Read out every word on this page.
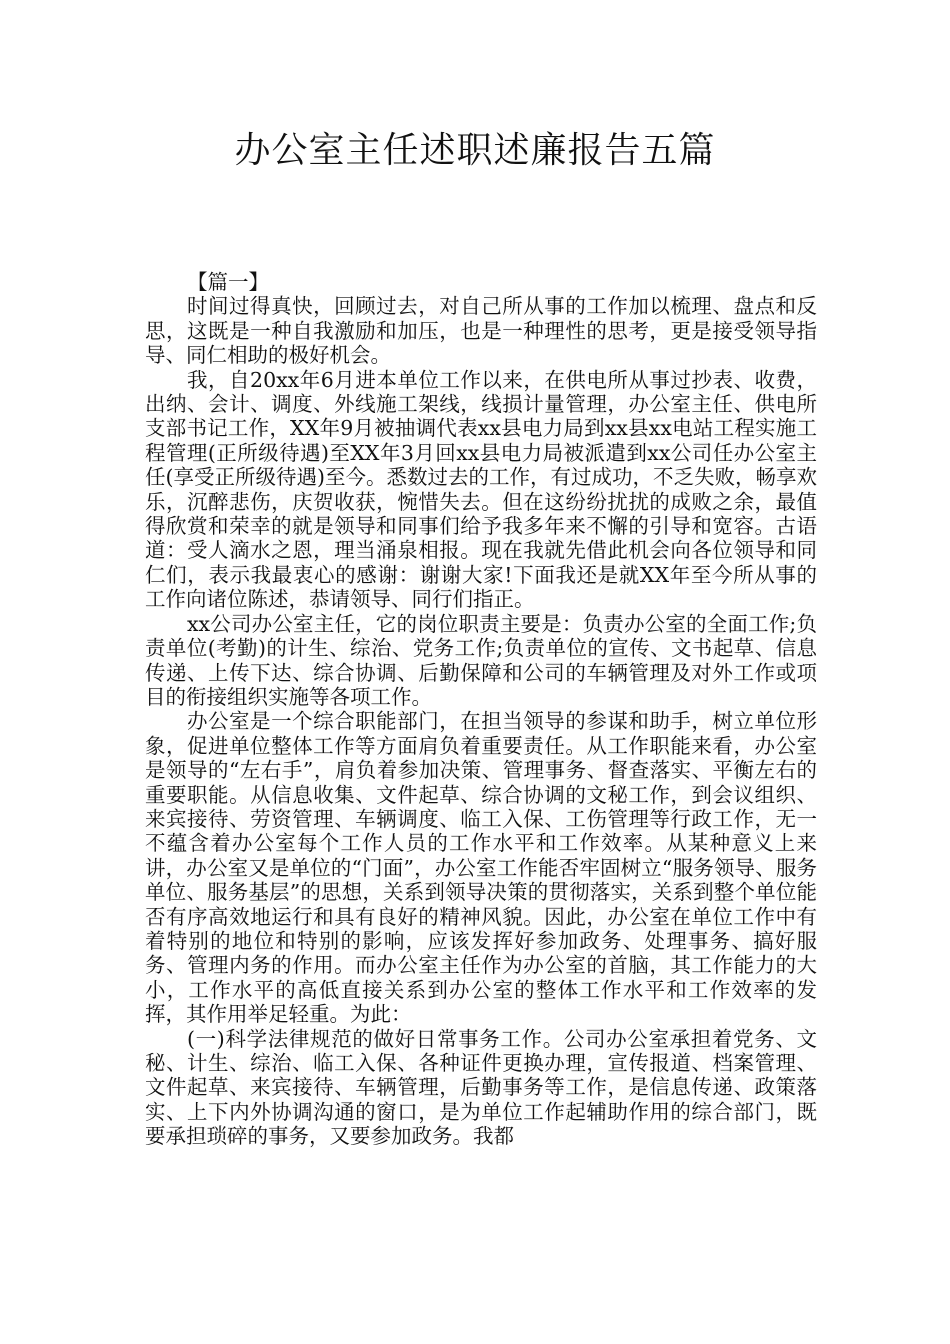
办公室主任述职述廉报告五篇

【篇一】

时间过得真快，回顾过去，对自己所从事的工作加以梳理、盘点和反思，这既是一种自我激励和加压，也是一种理性的思考，更是接受领导指导、同仁相助的极好机会。

我，自20xx年6月进本单位工作以来，在供电所从事过抄表、收费，出纳、会计、调度、外线施工架线，线损计量管理，办公室主任、供电所支部书记工作，XX年9月被抽调代表xx县电力局到xx县xx电站工程实施工程管理(正所级待遇)至XX年3月回xx县电力局被派遣到xx公司任办公室主任(享受正所级待遇)至今。悉数过去的工作，有过成功，不乏失败，畅享欢乐，沉醉悲伤，庆贺收获，惋惜失去。但在这纷纷扰扰的成败之余，最值得欣赏和荣幸的就是领导和同事们给予我多年来不懈的引导和宽容。古语道：受人滴水之恩，理当涌泉相报。现在我就先借此机会向各位领导和同仁们，表示我最衷心的感谢：谢谢大家!下面我还是就XX年至今所从事的工作向诸位陈述，恭请领导、同行们指正。

xx公司办公室主任，它的岗位职责主要是：负责办公室的全面工作;负责单位(考勤)的计生、综治、党务工作;负责单位的宣传、文书起草、信息传递、上传下达、综合协调、后勤保障和公司的车辆管理及对外工作或项目的衔接组织实施等各项工作。

办公室是一个综合职能部门，在担当领导的参谋和助手，树立单位形象，促进单位整体工作等方面肩负着重要责任。从工作职能来看，办公室是领导的“左右手”，肩负着参加决策、管理事务、督查落实、平衡左右的重要职能。从信息收集、文件起草、综合协调的文秘工作，到会议组织、来宾接待、劳资管理、车辆调度、临工入保、工伤管理等行政工作，无一不蕴含着办公室每个工作人员的工作水平和工作效率。从某种意义上来讲，办公室又是单位的“门面”，办公室工作能否牢固树立“服务领导、服务单位、服务基层”的思想，关系到领导决策的贯彻落实，关系到整个单位能否有序高效地运行和具有良好的精神风貌。因此，办公室在单位工作中有着特别的地位和特别的影响，应该发挥好参加政务、处理事务、搞好服务、管理内务的作用。而办公室主任作为办公室的首脑，其工作能力的大小，工作水平的高低直接关系到办公室的整体工作水平和工作效率的发挥，其作用举足轻重。为此：

(一)科学法律规范的做好日常事务工作。公司办公室承担着党务、文秘、计生、综治、临工入保、各种证件更换办理，宣传报道、档案管理、文件起草、来宾接待、车辆管理，后勤事务等工作，是信息传递、政策落实、上下内外协调沟通的窗口，是为单位工作起辅助作用的综合部门，既要承担琐碎的事务，又要参加政务。我都
